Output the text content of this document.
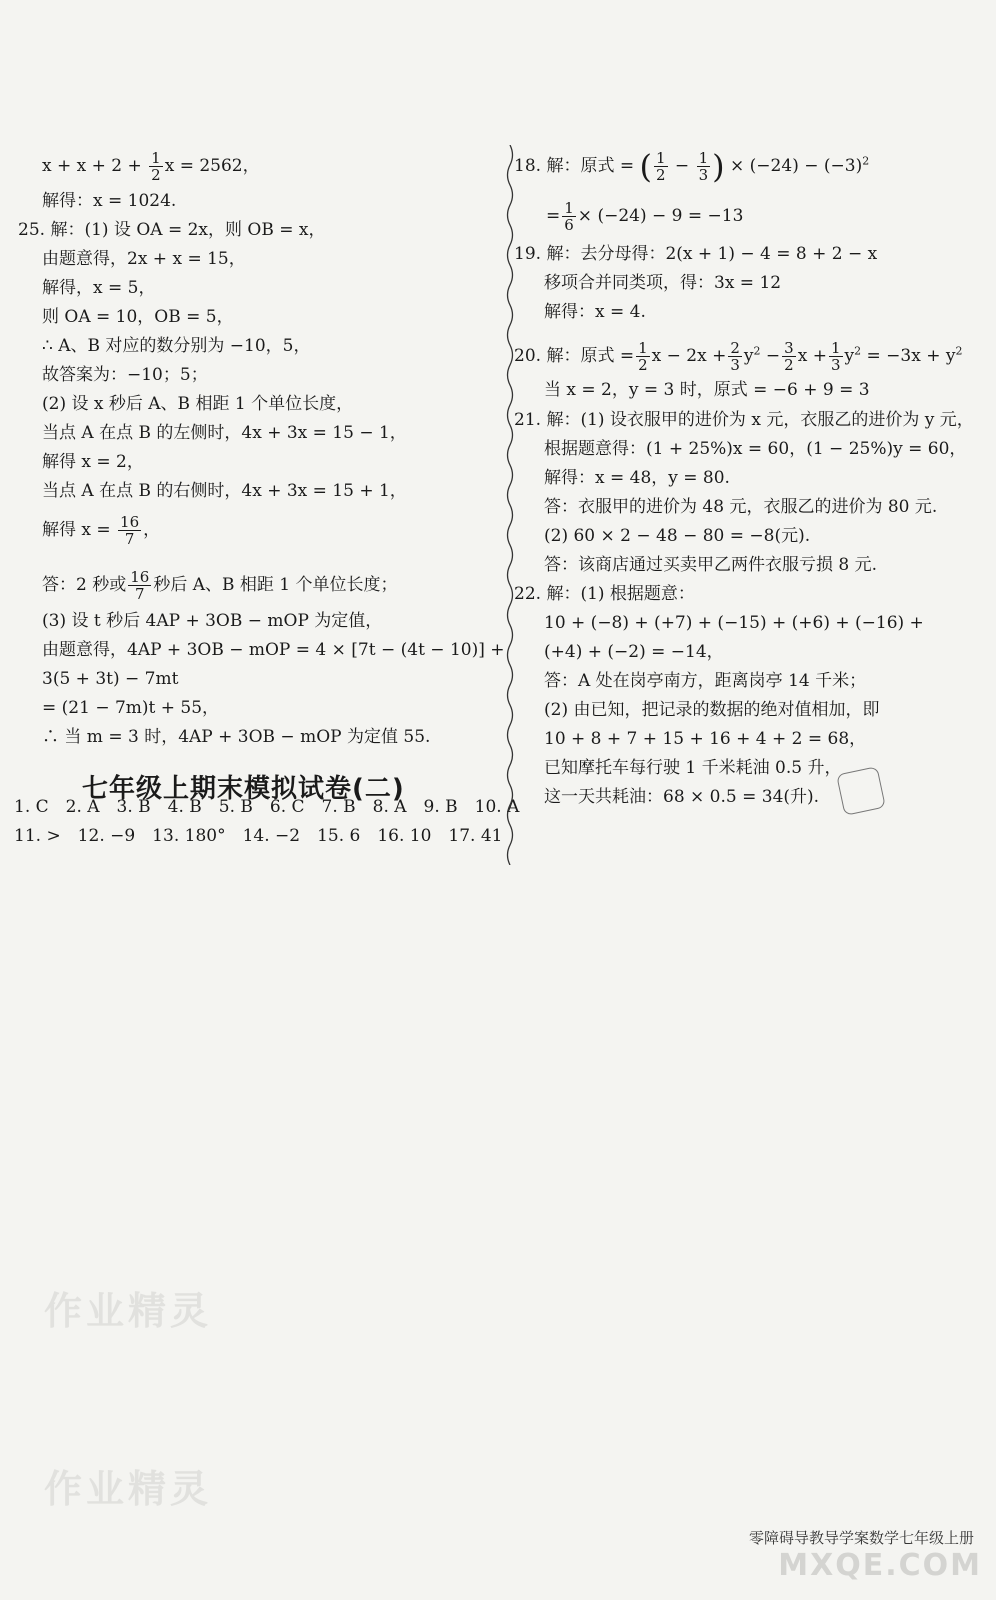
$x + x + 2 + \frac{1}{2}$ x = 2562，
解得：x = 1024.
25. 解：(1) 设 OA = 2x，则 OB = x，
由题意得，2x + x = 15，
解得，x = 5，
则 OA = 10，OB = 5，
∴ A、B 对应的数分别为 −10，5，
故答案为：−10；5；
(2) 设 x 秒后 A、B 相距 1 个单位长度，
当点 A 在点 B 的左侧时，4x + 3x = 15 − 1，
解得 x = 2，
当点 A 在点 B 的右侧时，4x + 3x = 15 + 1，
解得 $x = \frac{16}{7}$ ，
答：2 秒或 $\frac{16}{7}$ 秒后 A、B 相距 1 个单位长度；
(3) 设 t 秒后 4AP + 3OB − mOP 为定值，
由题意得，4AP + 3OB − mOP = 4 × [7t − (4t − 10)] +
3(5 + 3t) − 7mt
= (21 − 7m)t + 55，
∴ 当 m = 3 时，4AP + 3OB − mOP 为定值 55.
1. C　2. A　3. B　4. B　5. B　6. C　7. B　8. A　9. B　10. A
11. >　12. −9　13. 180°　14. −2　15. 6　16. 10　17. 41
七年级上期末模拟试卷(二)
18. 解：原式 = ( $\frac{1}{2} - \frac{1}{3}$ ) × $(-24) - (-3)^2$
= $\frac{1}{6} \times (-24) - 9 = -13$
19. 解：去分母得：2(x + 1) − 4 = 8 + 2 − x
移项合并同类项，得：3x = 12
解得：x = 4.
20. 解：原式 = $\frac{1}{2}$ $x - 2x + \frac{2}{3} y^2 - \frac{3}{2}$ $x + \frac{1}{3} y^2 = -3x + y^2$
当 x = 2，y = 3 时，原式 = −6 + 9 = 3
21. 解：(1) 设衣服甲的进价为 x 元，衣服乙的进价为 y 元，
根据题意得：(1 + 25%)x = 60，(1 − 25%)y = 60，
解得：x = 48，y = 80.
答：衣服甲的进价为 48 元，衣服乙的进价为 80 元.
(2) 60 × 2 − 48 − 80 = −8(元).
答：该商店通过买卖甲乙两件衣服亏损 8 元.
22. 解：(1) 根据题意：
10 + (−8) + (+7) + (−15) + (+6) + (−16) +
(+4) + (−2) = −14，
答：A 处在岗亭南方，距离岗亭 14 千米；
(2) 由已知，把记录的数据的绝对值相加，即
10 + 8 + 7 + 15 + 16 + 4 + 2 = 68，
已知摩托车每行驶 1 千米耗油 0.5 升，
这一天共耗油：68 × 0.5 = 34(升).
作业精灵
作业精灵
零障碍导教导学案数学七年级上册
MXQE.COM
